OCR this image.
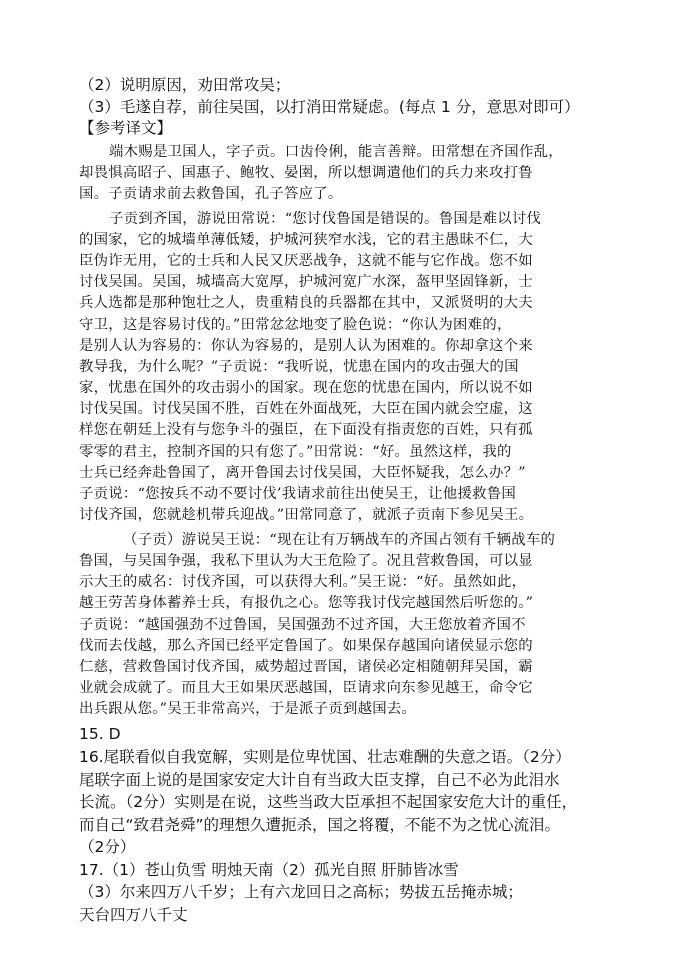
（2）说明原因，劝田常攻吴；
（3）毛遂自荐，前往吴国，以打消田常疑虑。(每点 1 分，意思对即可）
【参考译文】
端木赐是卫国人，字子贡。口齿伶俐，能言善辩。田常想在齐国作乱，
却畏惧高昭子、国惠子、鲍牧、晏圉，所以想调遣他们的兵力来攻打鲁
国。子贡请求前去救鲁国，孔子答应了。
子贡到齐国，游说田常说：“您讨伐鲁国是错误的。鲁国是难以讨伐
的国家，它的城墙单薄低矮，护城河狭窄水浅，它的君主愚昧不仁，大
臣伪诈无用，它的士兵和人民又厌恶战争，这就不能与它作战。您不如
讨伐吴国。吴国，城墙高大宽厚，护城河宽广水深，盔甲坚固锋新，士
兵人选都是那种饱壮之人，贵重精良的兵器都在其中，又派贤明的大夫
守卫，这是容易讨伐的。”田常忿忿地变了脸色说：“你认为困难的，
是别人认为容易的：你认为容易的，是别人认为困难的。你却拿这个来
教导我，为什么呢？”子贡说：“我听说，忧患在国内的攻击强大的国
家，忧患在国外的攻击弱小的国家。现在您的忧患在国内，所以说不如
讨伐吴国。讨伐吴国不胜，百姓在外面战死，大臣在国内就会空虚，这
样您在朝廷上没有与您争斗的强臣，在下面没有指责您的百姓，只有孤
零零的君主，控制齐国的只有您了。”田常说：“好。虽然这样，我的
士兵已经奔赴鲁国了，离开鲁国去讨伐吴国，大臣怀疑我，怎么办？”
子贡说：“您按兵不动不要讨伐’我请求前往出使吴王，让他援救鲁国
讨伐齐国，您就趁机带兵迎战。”田常同意了，就派子贡南下参见吴王。
（子贡）游说吴王说：“现在让有万辆战车的齐国占领有千辆战车的
鲁国，与吴国争强，我私下里认为大王危险了。况且营救鲁国，可以显
示大王的威名：讨伐齐国，可以获得大利。”吴王说：“好。虽然如此，
越王劳苦身体蓄养士兵，有报仇之心。您等我讨伐完越国然后听您的。”
子贡说：“越国强劲不过鲁国，吴国强劲不过齐国，大王您放着齐国不
伐而去伐越，那么齐国已经平定鲁国了。如果保存越国向诸侯显示您的
仁慈，营救鲁国讨伐齐国，威势超过晋国，诸侯必定相随朝拜吴国，霸
业就会成就了。而且大王如果厌恶越国，臣请求向东参见越王，命令它
出兵跟从您。”吴王非常高兴，于是派子贡到越国去。
15. D
16.尾联看似自我宽解，实则是位卑忧国、壮志难酬的失意之语。（2分）
尾联字面上说的是国家安定大计自有当政大臣支撑，自己不必为此泪水
长流。（2分）实则是在说，这些当政大臣承担不起国家安危大计的重任，
而自己“致君尧舜”的理想久遭扼杀，国之将覆，不能不为之忧心流泪。
（2分）
17.（1）苍山负雪 明烛天南（2）孤光自照 肝肺皆冰雪
（3）尔来四万八千岁；上有六龙回日之高标；势拔五岳掩赤城；
天台四万八千丈
